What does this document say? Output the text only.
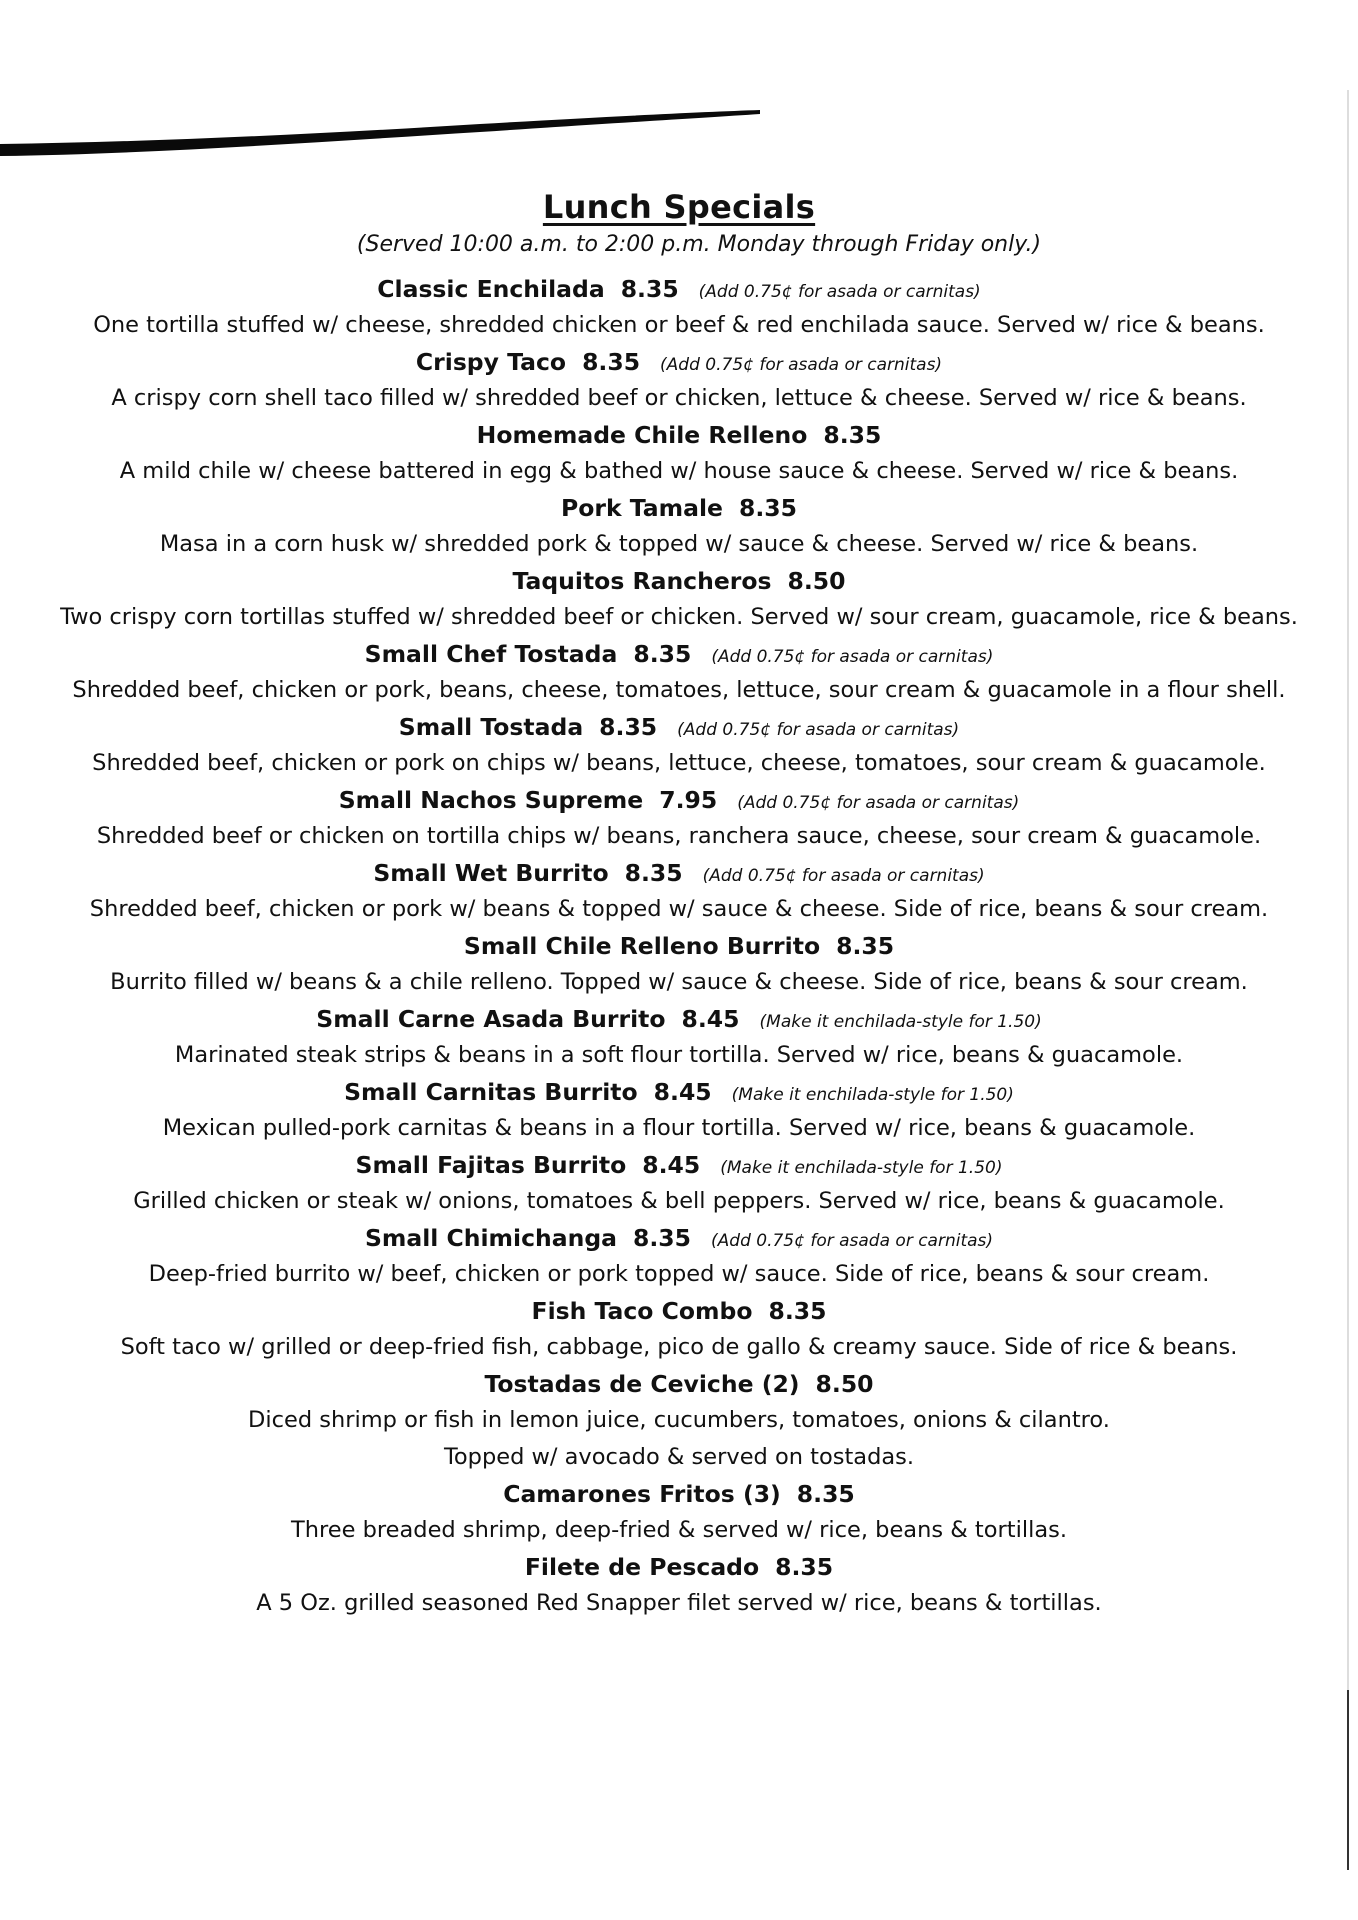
Lunch Specials
(Served 10:00 a.m. to 2:00 p.m. Monday through Friday only.)
Classic Enchilada 8.35 (Add 0.75¢ for asada or carnitas)
One tortilla stuffed w/ cheese, shredded chicken or beef & red enchilada sauce. Served w/ rice & beans.
Crispy Taco 8.35 (Add 0.75¢ for asada or carnitas)
A crispy corn shell taco filled w/ shredded beef or chicken, lettuce & cheese. Served w/ rice & beans.
Homemade Chile Relleno 8.35
A mild chile w/ cheese battered in egg & bathed w/ house sauce & cheese. Served w/ rice & beans.
Pork Tamale 8.35
Masa in a corn husk w/ shredded pork & topped w/ sauce & cheese. Served w/ rice & beans.
Taquitos Rancheros 8.50
Two crispy corn tortillas stuffed w/ shredded beef or chicken. Served w/ sour cream, guacamole, rice & beans.
Small Chef Tostada 8.35 (Add 0.75¢ for asada or carnitas)
Shredded beef, chicken or pork, beans, cheese, tomatoes, lettuce, sour cream & guacamole in a flour shell.
Small Tostada 8.35 (Add 0.75¢ for asada or carnitas)
Shredded beef, chicken or pork on chips w/ beans, lettuce, cheese, tomatoes, sour cream & guacamole.
Small Nachos Supreme 7.95 (Add 0.75¢ for asada or carnitas)
Shredded beef or chicken on tortilla chips w/ beans, ranchera sauce, cheese, sour cream & guacamole.
Small Wet Burrito 8.35 (Add 0.75¢ for asada or carnitas)
Shredded beef, chicken or pork w/ beans & topped w/ sauce & cheese. Side of rice, beans & sour cream.
Small Chile Relleno Burrito 8.35
Burrito filled w/ beans & a chile relleno. Topped w/ sauce & cheese. Side of rice, beans & sour cream.
Small Carne Asada Burrito 8.45 (Make it enchilada-style for 1.50)
Marinated steak strips & beans in a soft flour tortilla. Served w/ rice, beans & guacamole.
Small Carnitas Burrito 8.45 (Make it enchilada-style for 1.50)
Mexican pulled-pork carnitas & beans in a flour tortilla. Served w/ rice, beans & guacamole.
Small Fajitas Burrito 8.45 (Make it enchilada-style for 1.50)
Grilled chicken or steak w/ onions, tomatoes & bell peppers. Served w/ rice, beans & guacamole.
Small Chimichanga 8.35 (Add 0.75¢ for asada or carnitas)
Deep-fried burrito w/ beef, chicken or pork topped w/ sauce. Side of rice, beans & sour cream.
Fish Taco Combo 8.35
Soft taco w/ grilled or deep-fried fish, cabbage, pico de gallo & creamy sauce. Side of rice & beans.
Tostadas de Ceviche (2) 8.50
Diced shrimp or fish in lemon juice, cucumbers, tomatoes, onions & cilantro.
Topped w/ avocado & served on tostadas.
Camarones Fritos (3) 8.35
Three breaded shrimp, deep-fried & served w/ rice, beans & tortillas.
Filete de Pescado 8.35
A 5 Oz. grilled seasoned Red Snapper filet served w/ rice, beans & tortillas.
